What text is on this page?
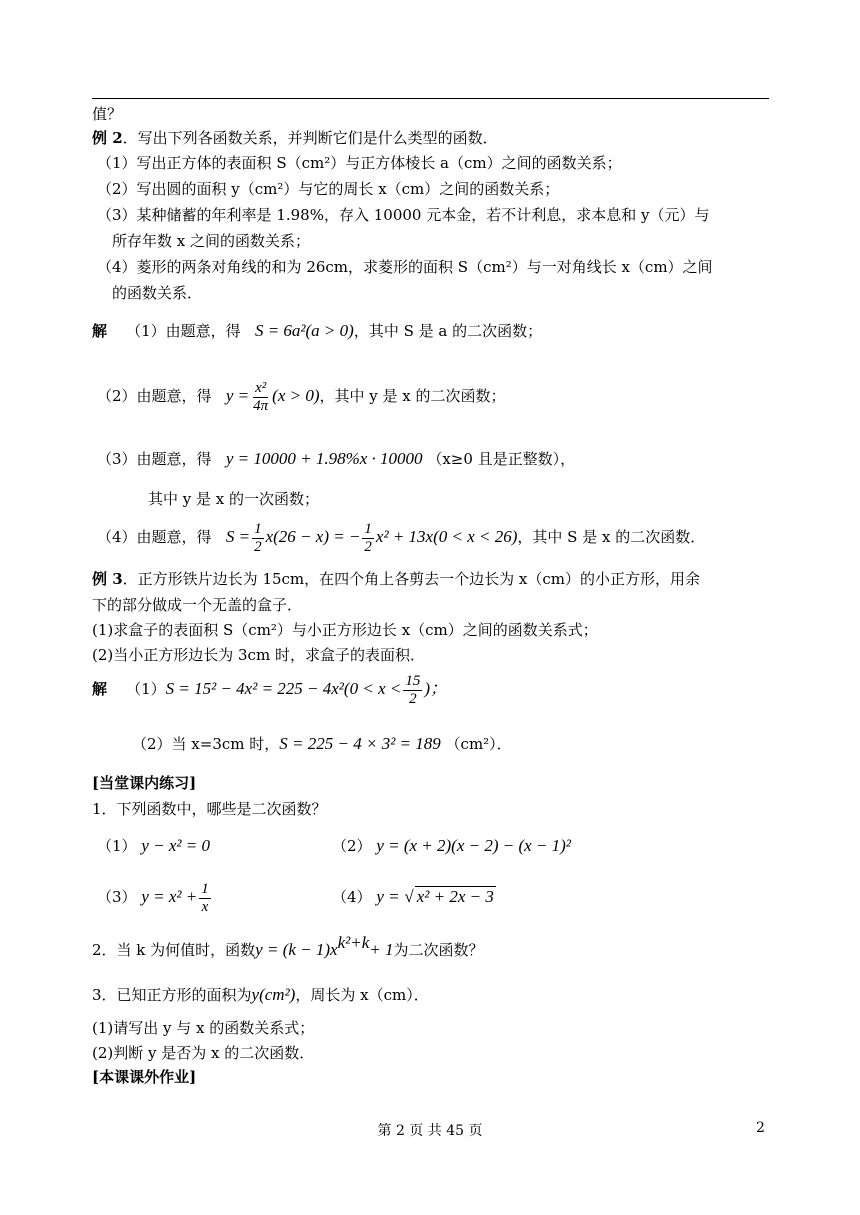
值？
例 2．写出下列各函数关系，并判断它们是什么类型的函数．
（1）写出正方体的表面积 S（cm²）与正方体棱长 a（cm）之间的函数关系；
（2）写出圆的面积 y（cm²）与它的周长 x（cm）之间的函数关系；
（3）某种储蓄的年利率是 1.98%，存入 10000 元本金，若不计利息，求本息和 y（元）与
所存年数 x 之间的函数关系；
（4）菱形的两条对角线的和为 26cm，求菱形的面积 S（cm²）与一对角线长 x（cm）之间
的函数关系．
解 （1）由题意，得 S = 6a²(a > 0)，其中 S 是 a 的二次函数；
（2）由题意，得 $y = \frac{\text{x²}}{4\pi} (x > 0)$，其中 y 是 x 的二次函数；
（3）由题意，得 y = 10000 + 1.98%x · 10000 （x≥0 且是正整数），
其中 y 是 x 的一次函数；
（4）由题意，得 $S = \frac{1}{2} x(26 - x)$ = − $\frac{1}{2} x^2 + 13x(0 < x < 26)$，其中 S 是 x 的二次函数．
例 3．正方形铁片边长为 15cm，在四个角上各剪去一个边长为 x（cm）的小正方形，用余
下的部分做成一个无盖的盒子．
(1)求盒子的表面积 S（cm²）与小正方形边长 x（cm）之间的函数关系式；
(2)当小正方形边长为 3cm 时，求盒子的表面积．
解 $(1)S = 15^2 - 4x^2 = 225 - 4x^2(0 < x < \frac{15}{2}$ )；
（2）当 x=3cm 时，S = 225 − 4 × 3² = 189 （cm²）．
[当堂课内练习]
1．下列函数中，哪些是二次函数？
（1） y − x² = 0	（2） y = (x + 2)(x − 2) − (x − 1)²
（3） $y = x^2 + \frac{1}{x}$	（4） y = √ x² + 2x − 3
2．当 k 为何值时，函数$y = (k - 1)x^{k^2+k}+ 1$为二次函数？
3．已知正方形的面积为y(cm²)，周长为 x（cm）．
(1)请写出 y 与 x 的函数关系式；
(2)判断 y 是否为 x 的二次函数．
[本课课外作业]
第 2 页 共 45 页	2
